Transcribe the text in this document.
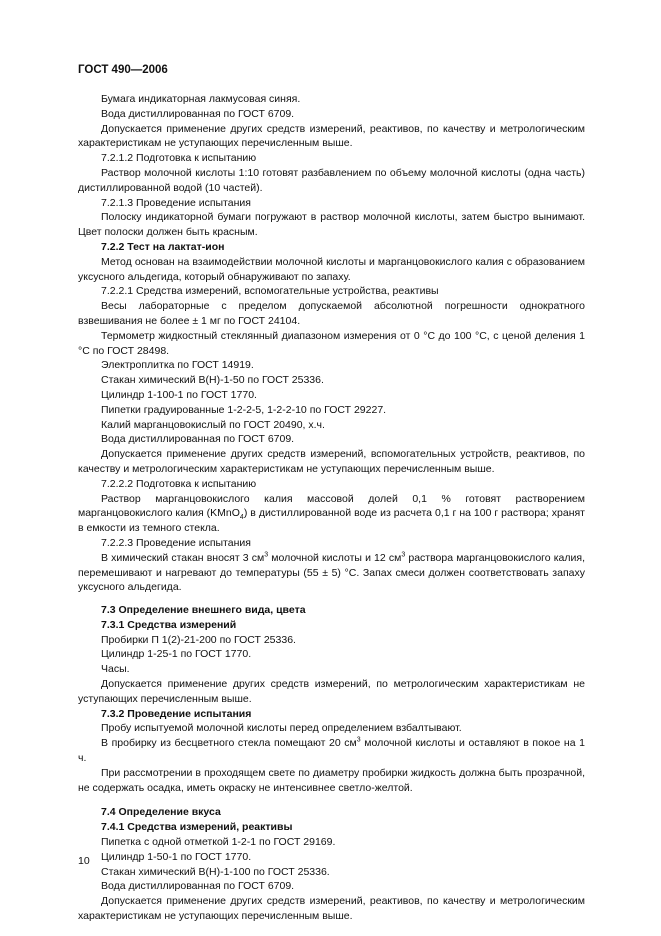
ГОСТ 490—2006

Бумага индикаторная лакмусовая синяя.

Вода дистиллированная по ГОСТ 6709.

Допускается применение других средств измерений, реактивов, по качеству и метрологическим характеристикам не уступающих перечисленным выше.

7.2.1.2 Подготовка к испытанию

Раствор молочной кислоты 1:10 готовят разбавлением по объему молочной кислоты (одна часть) дистиллированной водой (10 частей).

7.2.1.3 Проведение испытания

Полоску индикаторной бумаги погружают в раствор молочной кислоты, затем быстро вынимают. Цвет полоски должен быть красным.

7.2.2 Тест на лактат-ион

Метод основан на взаимодействии молочной кислоты и марганцовокислого калия с образованием уксусного альдегида, который обнаруживают по запаху.

7.2.2.1 Средства измерений, вспомогательные устройства, реактивы

Весы лабораторные с пределом допускаемой абсолютной погрешности однократного взвешивания не более ± 1 мг по ГОСТ 24104.

Термометр жидкостный стеклянный диапазоном измерения от 0 °С до 100 °С, с ценой деления 1 °С по ГОСТ 28498.

Электроплитка по ГОСТ 14919.

Стакан химический В(Н)-1-50 по ГОСТ 25336.

Цилиндр 1-100-1 по ГОСТ 1770.

Пипетки градуированные 1-2-2-5, 1-2-2-10 по ГОСТ 29227.

Калий марганцовокислый по ГОСТ 20490, х.ч.

Вода дистиллированная по ГОСТ 6709.

Допускается применение других средств измерений, вспомогательных устройств, реактивов, по качеству и метрологическим характеристикам не уступающих перечисленным выше.

7.2.2.2 Подготовка к испытанию

Раствор марганцовокислого калия массовой долей 0,1 % готовят растворением марганцовокислого калия (KMnO$_4$) в дистиллированной воде из расчета 0,1 г на 100 г раствора; хранят в емкости из темного стекла.

7.2.2.3 Проведение испытания

В химический стакан вносят 3 $см^3$ молочной кислоты и 12 $см^3$ раствора марганцовокислого калия, перемешивают и нагревают до температуры (55 ± 5) °С. Запах смеси должен соответствовать запаху уксусного альдегида.

7.3 Определение внешнего вида, цвета

7.3.1 Средства измерений

Пробирки П 1(2)-21-200 по ГОСТ 25336.

Цилиндр 1-25-1 по ГОСТ 1770.

Часы.

Допускается применение других средств измерений, по метрологическим характеристикам не уступающих перечисленным выше.

7.3.2 Проведение испытания

Пробу испытуемой молочной кислоты перед определением взбалтывают.

В пробирку из бесцветного стекла помещают 20 $см^3$ молочной кислоты и оставляют в покое на 1 ч.

При рассмотрении в проходящем свете по диаметру пробирки жидкость должна быть прозрачной, не содержать осадка, иметь окраску не интенсивнее светло-желтой.

7.4 Определение вкуса

7.4.1 Средства измерений, реактивы

Пипетка с одной отметкой 1-2-1 по ГОСТ 29169.

Цилиндр 1-50-1 по ГОСТ 1770.

Стакан химический В(Н)-1-100 по ГОСТ 25336.

Вода дистиллированная по ГОСТ 6709.

Допускается применение других средств измерений, реактивов, по качеству и метрологическим характеристикам не уступающих перечисленным выше.

10
